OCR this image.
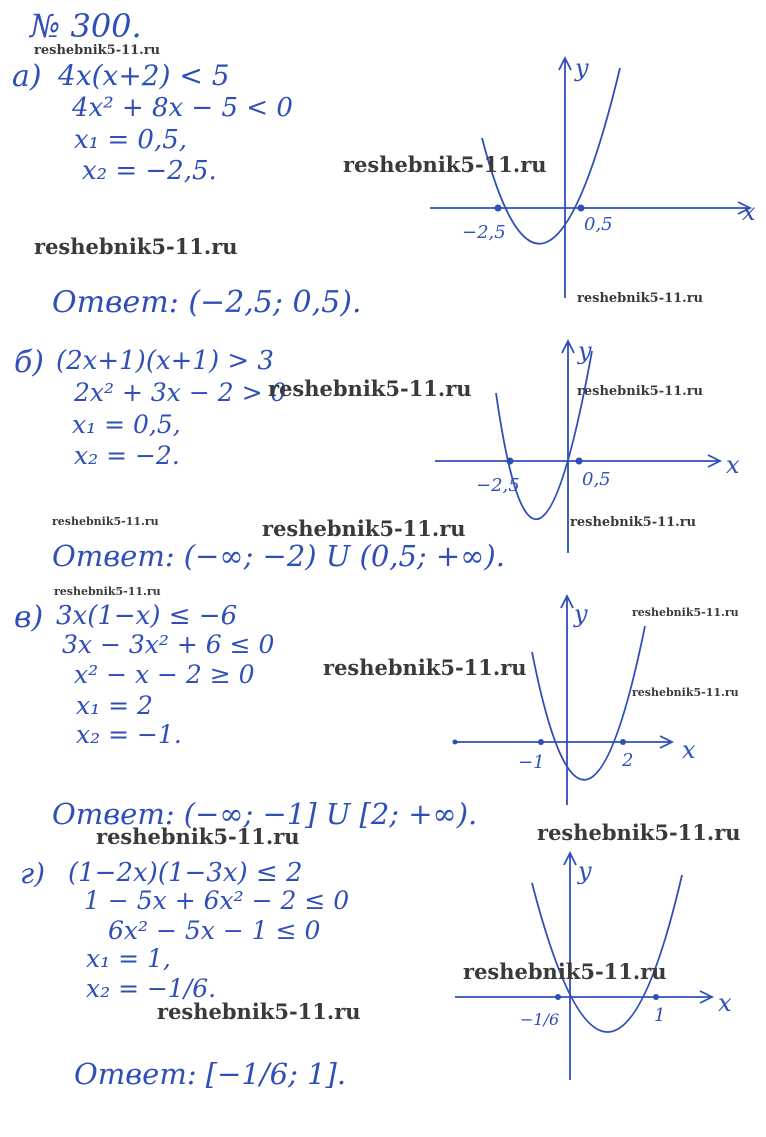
№ 300.
а) 4x(x+2) < 5
4x² + 8x − 5 < 0
x₁ = 0,5,
x₂ = −2,5.
Ответ: (−2,5; 0,5).
б) (2x+1)(x+1) > 3
2x² + 3x − 2 > 0
x₁ = 0,5,
x₂ = −2.
Ответ: (−∞; −2) U (0,5; +∞).
в) 3x(1−x) ≤ −6
3x − 3x² + 6 ≤ 0
x² − x − 2 ≥ 0
x₁ = 2
x₂ = −1.
Ответ: (−∞; −1] U [2; +∞).
г) (1−2x)(1−3x) ≤ 2
1 − 5x + 6x² − 2 ≤ 0
6x² − 5x − 1 ≤ 0
x₁ = 1,
x₂ = −1/6.
Ответ: [−1/6; 1].
y
x
−2,5	0,5
y
x
−2,5	0,5
y
x
−1	2
y
x
−1/6	1
reshebnik5-11.ru
reshebnik5-11.ru
reshebnik5-11.ru
reshebnik5-11.ru
reshebnik5-11.ru	reshebnik5-11.ru
reshebnik5-11.ru	reshebnik5-11.ru	reshebnik5-11.ru
reshebnik5-11.ru
reshebnik5-11.ru
reshebnik5-11.ru
reshebnik5-11.ru
reshebnik5-11.ru	reshebnik5-11.ru
reshebnik5-11.ru
reshebnik5-11.ru
